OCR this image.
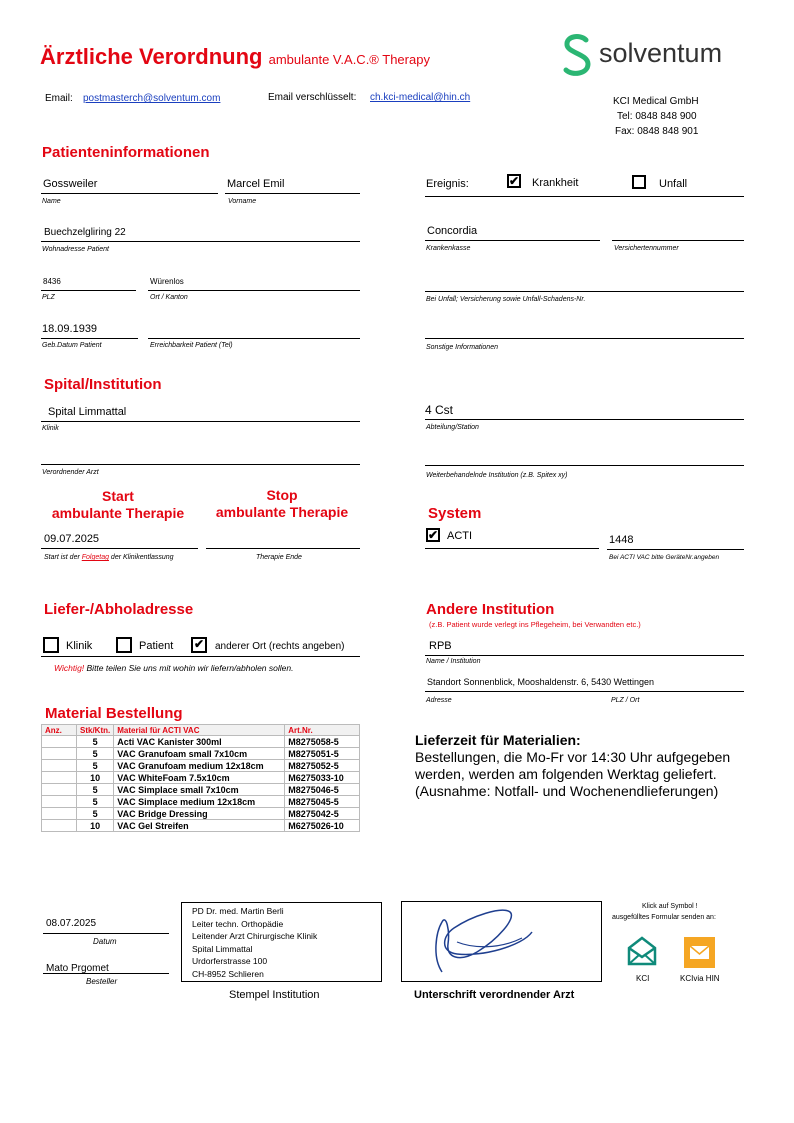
Ärztliche Verordnung ambulante V.A.C.® Therapy	solventum
Email: postmasterch@solventum.com	Email verschlüsselt: ch.kci-medical@hin.ch	KCI Medical GmbH
Tel: 0848 848 900
Fax: 0848 848 901
Patienteninformationen
Gossweiler
Name
Marcel Emil
Vorname
Buechzelgliring 22
Wohnadresse Patient
8436
PLZ
Würenlos
Ort / Kanton
18.09.1939
Geb.Datum Patient	Erreichbarkeit Patient (Tel)
Ereignis:	✔ Krankheit	Unfall
Concordia
Krankenkasse	Versichertennummer
Bei Unfall; Versicherung sowie Unfall-Schadens-Nr.
Sonstige Informationen
Spital/Institution
Spital Limmattal
Klinik
4 Cst
Abteilung/Station
Verordnender Arzt	Weiterbehandelnde Institution (z.B. Spitex xy)
Start
ambulante Therapie
Stop
ambulante Therapie
09.07.2025
Start ist der Folgetag der Klinikentlassung	Therapie Ende
System
✔ ACTI	1448
Bei ACTI VAC bitte GeräteNr.angeben
Liefer-/Abholadresse
Klinik	Patient ✔ anderer Ort (rechts angeben)
Wichtig! Bitte teilen Sie uns mit wohin wir liefern/abholen sollen.
Andere Institution
(z.B. Patient wurde verlegt ins Pflegeheim, bei Verwandten etc.)
RPB
Name / Institution
Standort Sonnenblick, Mooshaldenstr. 6, 5430 Wettingen
Adresse	PLZ / Ort
Material Bestellung
Anz.	Stk/Ktn.	Material für ACTI VAC	Art.Nr.
	5	Acti VAC Kanister 300ml	M8275058-5
	5	VAC Granufoam small 7x10cm	M8275051-5
	5	VAC Granufoam medium 12x18cm	M8275052-5
	10	VAC WhiteFoam 7.5x10cm	M6275033-10
	5	VAC Simplace small 7x10cm	M8275046-5
	5	VAC Simplace medium 12x18cm	M8275045-5
	5	VAC Bridge Dressing	M8275042-5
	10	VAC Gel Streifen	M6275026-10
Lieferzeit für Materialien:
Bestellungen, die Mo-Fr vor 14:30 Uhr aufgegeben
werden, werden am folgenden Werktag geliefert.
(Ausnahme: Notfall- und Wochenendlieferungen)
08.07.2025
Datum
Mato Prgomet
Besteller
PD Dr. med. Martin Berli
Leiter techn. Orthopädie
Leitender Arzt Chirurgische Klinik
Spital Limmattal
Urdorferstrasse 100
CH-8952 Schlieren
Stempel Institution	Unterschrift verordnender Arzt
Klick auf Symbol !
ausgefülltes Formular senden an:
KCI	KCIvia HIN
